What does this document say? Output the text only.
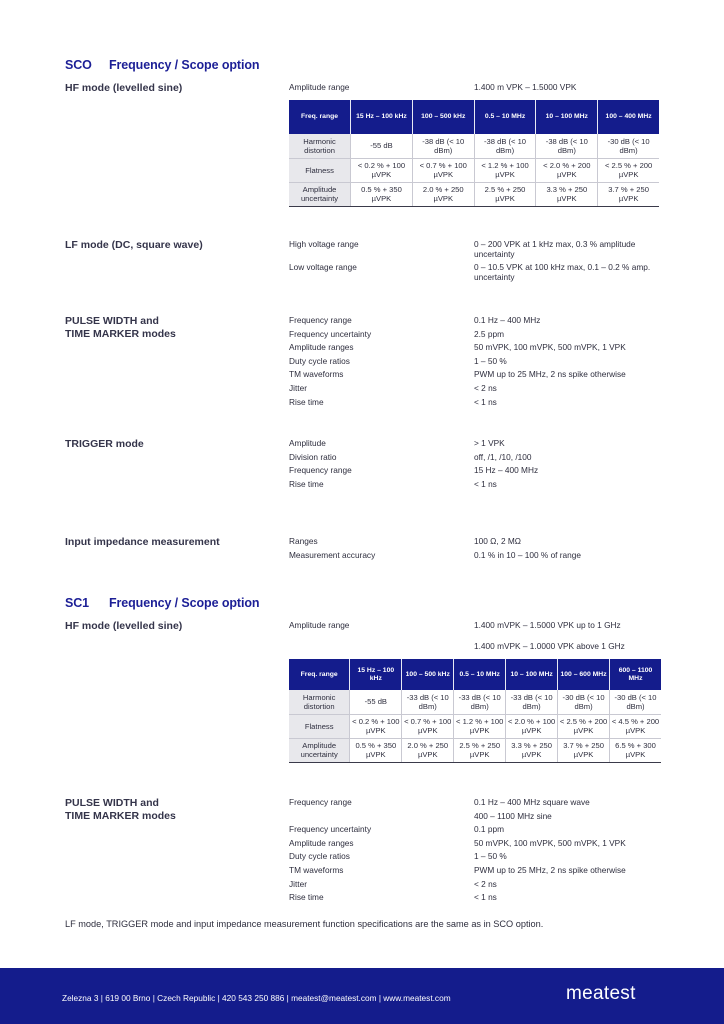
SCO Frequency / Scope option
HF mode (levelled sine)	Amplitude range	1.400 m VPK – 1.5000 VPK
Freq. range	15 Hz – 100 kHz	100 – 500 kHz	0.5 – 10 MHz	10 – 100 MHz	100 – 400 MHz
Harmonic distortion	-55 dB	-38 dB (< 10 dBm)	-38 dB (< 10 dBm)	-38 dB (< 10 dBm)	-30 dB (< 10 dBm)
Flatness	< 0.2 % + 100 µVPK	< 0.7 % + 100 µVPK	< 1.2 % + 100 µVPK	< 2.0 % + 200 µVPK	< 2.5 % + 200 µVPK
Amplitude uncertainty	0.5 % + 350 µVPK	2.0 % + 250 µVPK	2.5 % + 250 µVPK	3.3 % + 250 µVPK	3.7 % + 250 µVPK
LF mode (DC, square wave)	High voltage range	0 – 200 VPK at 1 kHz max, 0.3 % amplitude uncertainty
Low voltage range	0 – 10.5 VPK at 100 kHz max, 0.1 – 0.2 % amp. uncertainty
PULSE WIDTH and
TIME MARKER modes
Frequency range	0.1 Hz – 400 MHz
Frequency uncertainty	2.5 ppm
Amplitude ranges	50 mVPK, 100 mVPK, 500 mVPK, 1 VPK
Duty cycle ratios	1 – 50 %
TM waveforms	PWM up to 25 MHz, 2 ns spike otherwise
Jitter	< 2 ns
Rise time	< 1 ns
TRIGGER mode	Amplitude	> 1 VPK
Division ratio	off, /1, /10, /100
Frequency range	15 Hz – 400 MHz
Rise time	< 1 ns
Input impedance measurement	Ranges	100 Ω, 2 MΩ
Measurement accuracy	0.1 % in 10 – 100 % of range
SC1 Frequency / Scope option
HF mode (levelled sine)	Amplitude range	1.400 mVPK – 1.5000 VPK up to 1 GHz
1.400 mVPK – 1.0000 VPK above 1 GHz
Freq. range	15 Hz – 100 kHz	100 – 500 kHz	0.5 – 10 MHz	10 – 100 MHz	100 – 600 MHz	600 – 1100 MHz
Harmonic distortion	-55 dB	-33 dB (< 10 dBm)	-33 dB (< 10 dBm)	-33 dB (< 10 dBm)	-30 dB (< 10 dBm)	-30 dB (< 10 dBm)
Flatness	< 0.2 % + 100 µVPK	< 0.7 % + 100 µVPK	< 1.2 % + 100 µVPK	< 2.0 % + 100 µVPK	< 2.5 % + 200 µVPK	< 4.5 % + 200 µVPK
Amplitude uncertainty	0.5 % + 350 µVPK	2.0 % + 250 µVPK	2.5 % + 250 µVPK	3.3 % + 250 µVPK	3.7 % + 250 µVPK	6.5 % + 300 µVPK
PULSE WIDTH and
TIME MARKER modes
Frequency range	0.1 Hz – 400 MHz square wave
400 – 1100 MHz sine
Frequency uncertainty	0.1 ppm
Amplitude ranges	50 mVPK, 100 mVPK, 500 mVPK, 1 VPK
Duty cycle ratios	1 – 50 %
TM waveforms	PWM up to 25 MHz, 2 ns spike otherwise
Jitter	< 2 ns
Rise time	< 1 ns
LF mode, TRIGGER mode and input impedance measurement function specifications are the same as in SCO option.
Zelezna 3 | 619 00 Brno | Czech Republic | 420 543 250 886 | meatest@meatest.com | www.meatest.com	meatest
